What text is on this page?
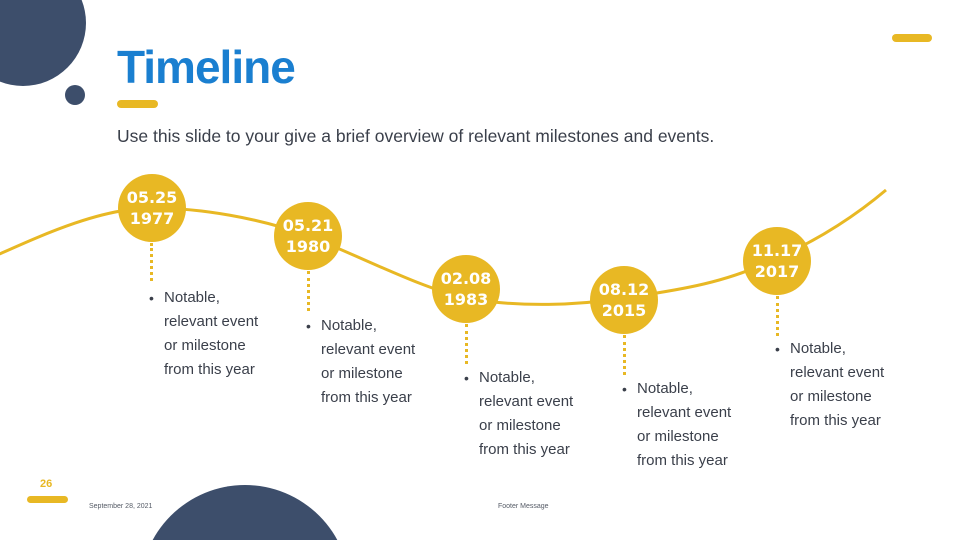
Timeline
Use this slide to your give a brief overview of relevant milestones and events.
05.25
1977
• Notable,
relevant event
or milestone
from this year
05.21
1980
• Notable,
relevant event
or milestone
from this year
02.08
1983
• Notable,
relevant event
or milestone
from this year
08.12
2015
• Notable,
relevant event
or milestone
from this year
11.17
2017
• Notable,
relevant event
or milestone
from this year
26
September 28, 2021	Footer Message
